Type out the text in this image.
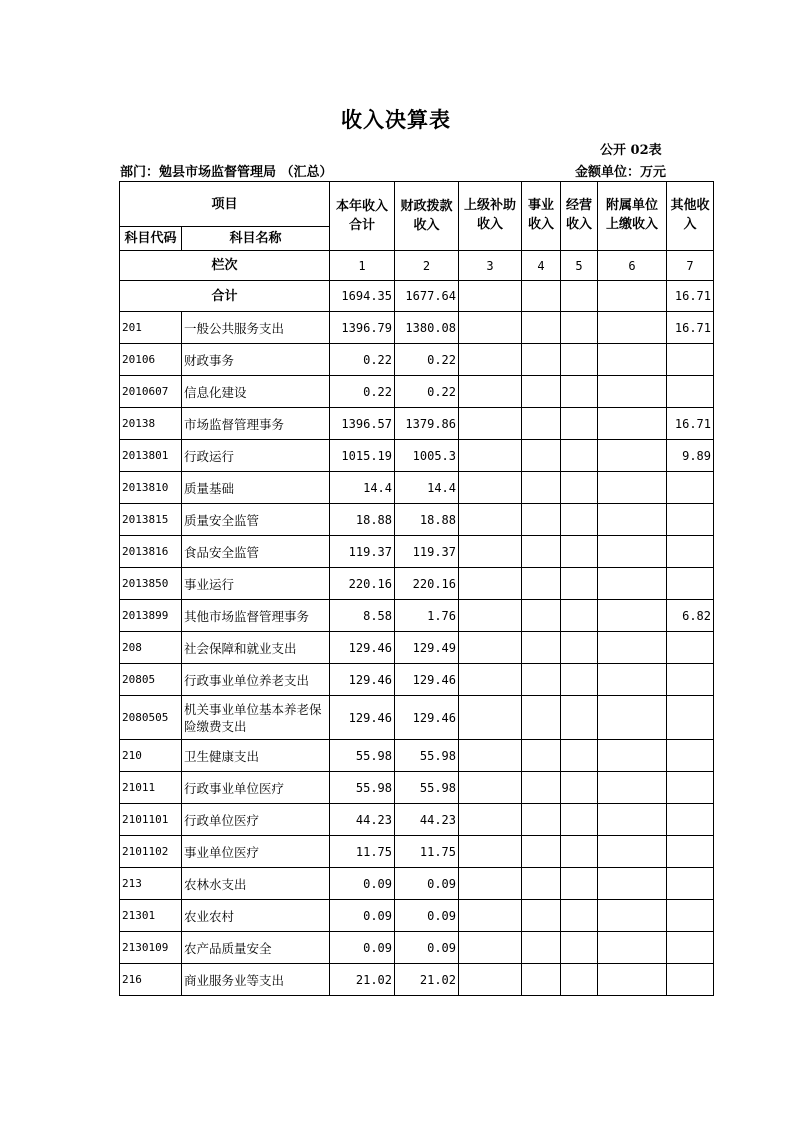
收入决算表
公开 02表
部门：勉县市场监督管理局 （汇总）	金额单位：万元
项目		本年收入合计	财政拨款收入	上级补助收入	事业收入	经营收入	附属单位上缴收入	其他收入
科目代码	科目名称							
栏次		1	2	3	4	5	6	7
合计		1694.35	1677.64					16.71
201	一般公共服务支出	1396.79	1380.08					16.71
20106	财政事务	0.22	0.22					
2010607	信息化建设	0.22	0.22					
20138	市场监督管理事务	1396.57	1379.86					16.71
2013801	行政运行	1015.19	1005.3					9.89
2013810	质量基础	14.4	14.4					
2013815	质量安全监管	18.88	18.88					
2013816	食品安全监管	119.37	119.37					
2013850	事业运行	220.16	220.16					
2013899	其他市场监督管理事务	8.58	1.76					6.82
208	社会保障和就业支出	129.46	129.49					
20805	行政事业单位养老支出	129.46	129.46					
2080505	机关事业单位基本养老保险缴费支出	129.46	129.46					
210	卫生健康支出	55.98	55.98					
21011	行政事业单位医疗	55.98	55.98					
2101101	行政单位医疗	44.23	44.23					
2101102	事业单位医疗	11.75	11.75					
213	农林水支出	0.09	0.09					
21301	农业农村	0.09	0.09					
2130109	农产品质量安全	0.09	0.09					
216	商业服务业等支出	21.02	21.02					
